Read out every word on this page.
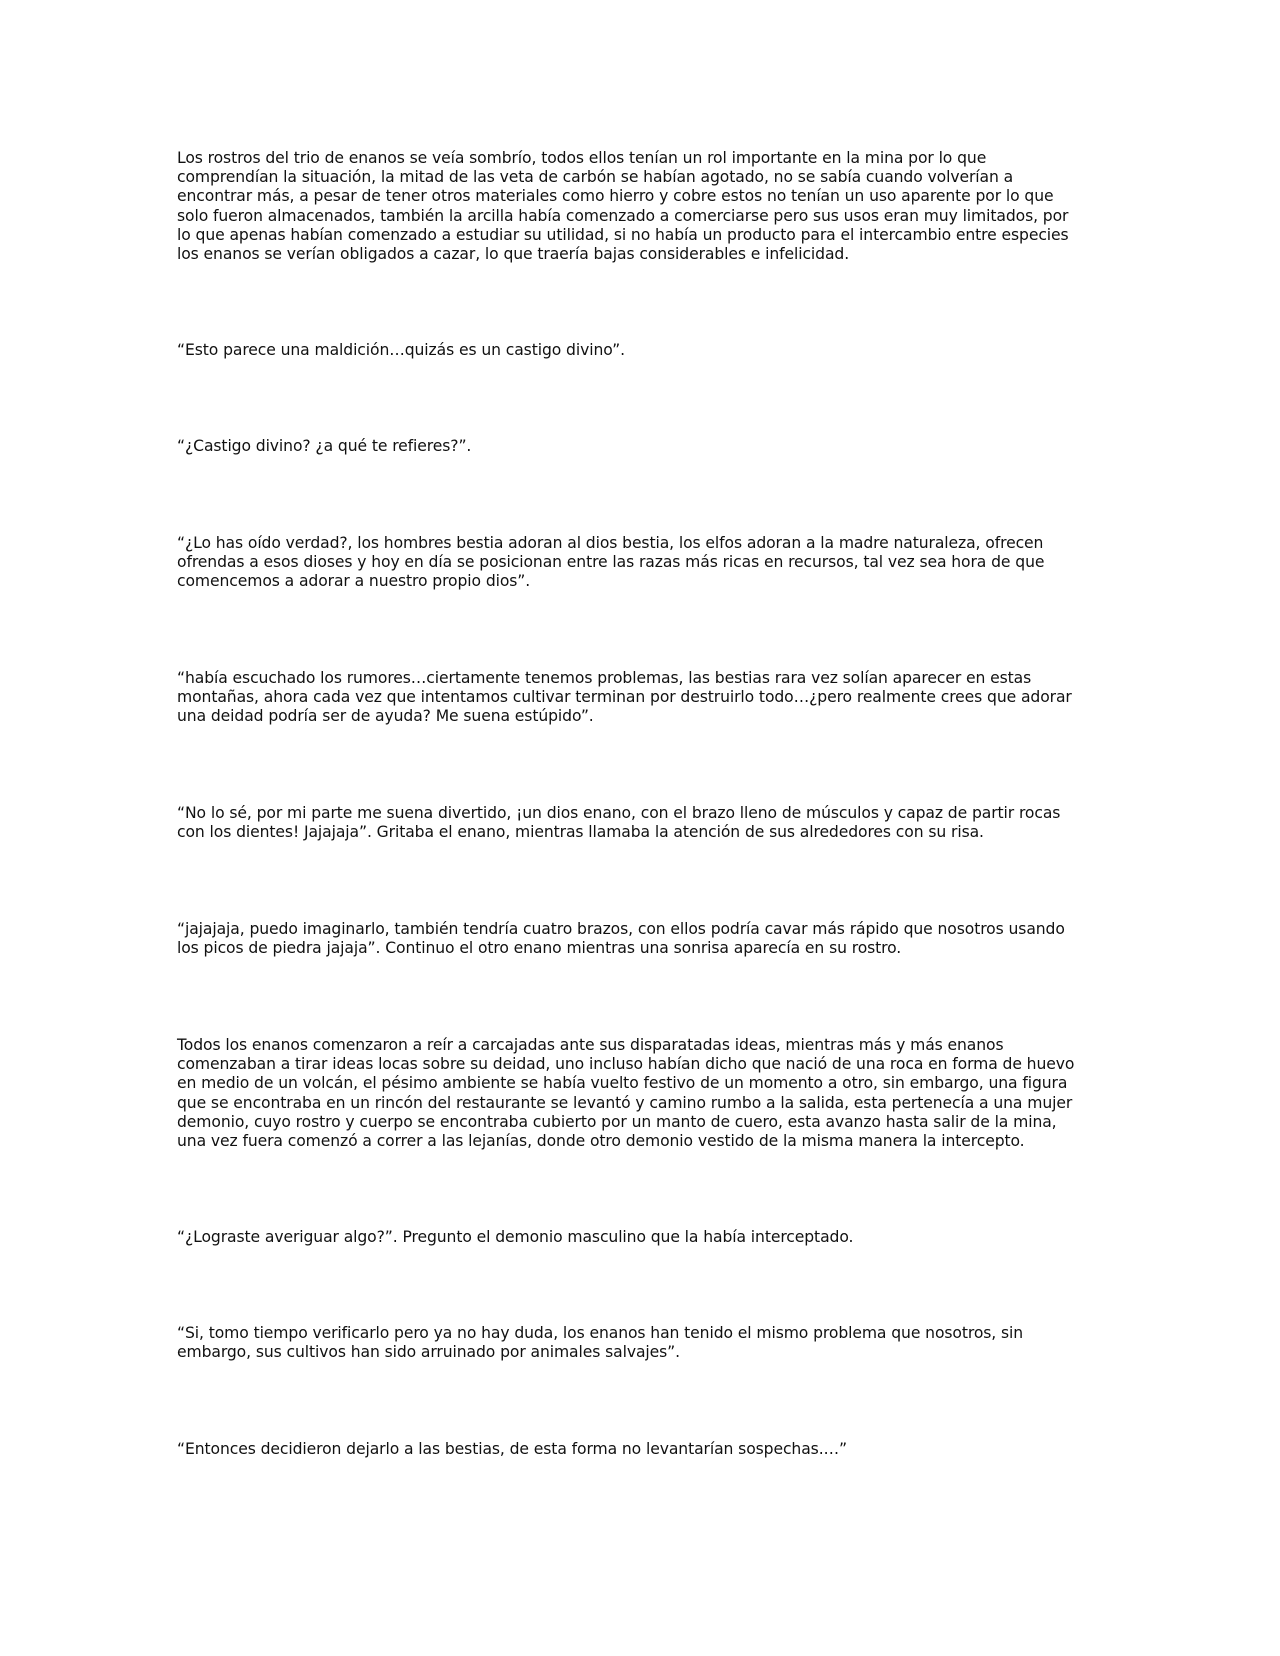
Los rostros del trio de enanos se veía sombrío, todos ellos tenían un rol importante en la mina por lo que
comprendían la situación, la mitad de las veta de carbón se habían agotado, no se sabía cuando volverían a
encontrar más, a pesar de tener otros materiales como hierro y cobre estos no tenían un uso aparente por lo que
solo fueron almacenados, también la arcilla había comenzado a comerciarse pero sus usos eran muy limitados, por
lo que apenas habían comenzado a estudiar su utilidad, si no había un producto para el intercambio entre especies
los enanos se verían obligados a cazar, lo que traería bajas considerables e infelicidad.

“Esto parece una maldición…quizás es un castigo divino”.

“¿Castigo divino? ¿a qué te refieres?”.

“¿Lo has oído verdad?, los hombres bestia adoran al dios bestia, los elfos adoran a la madre naturaleza, ofrecen
ofrendas a esos dioses y hoy en día se posicionan entre las razas más ricas en recursos, tal vez sea hora de que
comencemos a adorar a nuestro propio dios”.

“había escuchado los rumores…ciertamente tenemos problemas, las bestias rara vez solían aparecer en estas
montañas, ahora cada vez que intentamos cultivar terminan por destruirlo todo…¿pero realmente crees que adorar
una deidad podría ser de ayuda? Me suena estúpido”.

“No lo sé, por mi parte me suena divertido, ¡un dios enano, con el brazo lleno de músculos y capaz de partir rocas
con los dientes! Jajajaja”. Gritaba el enano, mientras llamaba la atención de sus alrededores con su risa.

“jajajaja, puedo imaginarlo, también tendría cuatro brazos, con ellos podría cavar más rápido que nosotros usando
los picos de piedra jajaja”. Continuo el otro enano mientras una sonrisa aparecía en su rostro.

Todos los enanos comenzaron a reír a carcajadas ante sus disparatadas ideas, mientras más y más enanos
comenzaban a tirar ideas locas sobre su deidad, uno incluso habían dicho que nació de una roca en forma de huevo
en medio de un volcán, el pésimo ambiente se había vuelto festivo de un momento a otro, sin embargo, una figura
que se encontraba en un rincón del restaurante se levantó y camino rumbo a la salida, esta pertenecía a una mujer
demonio, cuyo rostro y cuerpo se encontraba cubierto por un manto de cuero, esta avanzo hasta salir de la mina,
una vez fuera comenzó a correr a las lejanías, donde otro demonio vestido de la misma manera la intercepto.

“¿Lograste averiguar algo?”. Pregunto el demonio masculino que la había interceptado.

“Si, tomo tiempo verificarlo pero ya no hay duda, los enanos han tenido el mismo problema que nosotros, sin
embargo, sus cultivos han sido arruinado por animales salvajes”.

“Entonces decidieron dejarlo a las bestias, de esta forma no levantarían sospechas.…”
